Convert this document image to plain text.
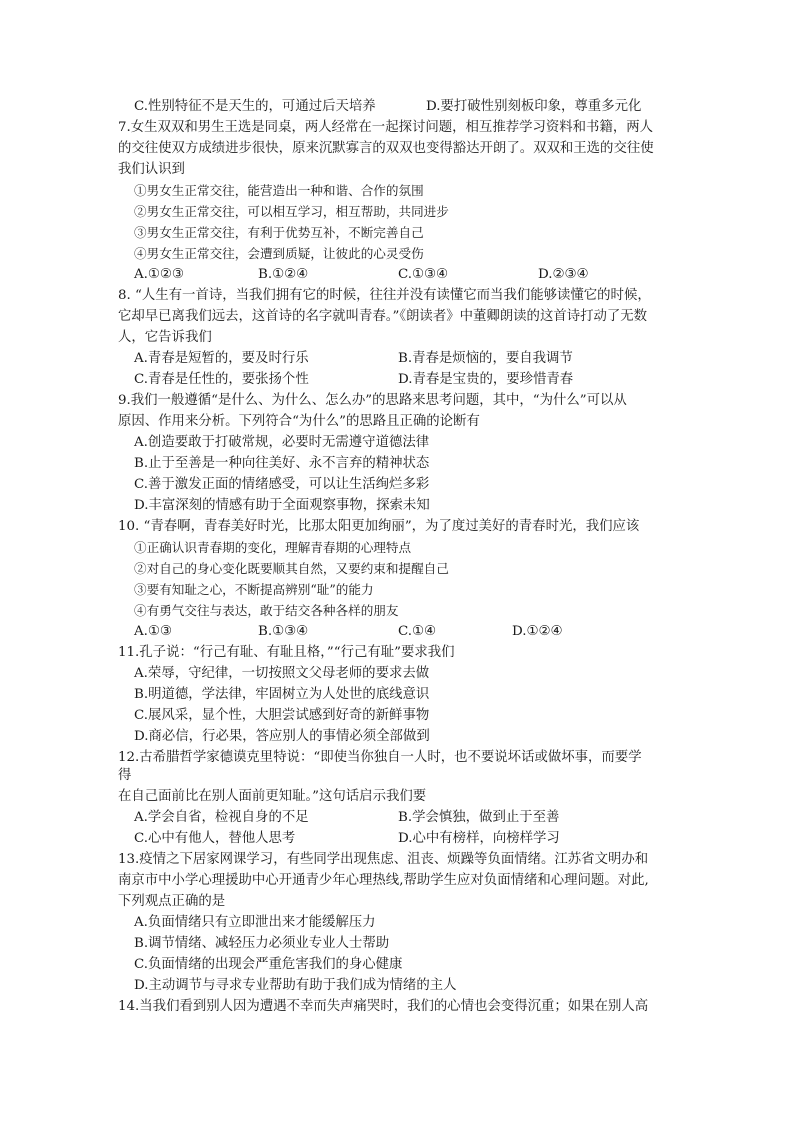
C.性别特征不是天生的，可通过后天培养	D.要打破性别刻板印象，尊重多元化
7.女生双双和男生王选是同桌，两人经常在一起探讨问题，相互推荐学习资料和书籍，两人
的交往使双方成绩进步很快，原来沉默寡言的双双也变得豁达开朗了。双双和王选的交往使
我们认识到
①男女生正常交往，能营造出一种和谐、合作的氛围
②男女生正常交往，可以相互学习，相互帮助，共同进步
③男女生正常交往，有利于优势互补，不断完善自己
④男女生正常交往，会遭到质疑，让彼此的心灵受伤
A.①②③	B.①②④	C.①③④	D.②③④
8. “人生有一首诗，当我们拥有它的时候，往往并没有读懂它而当我们能够读懂它的时候，
它却早已离我们远去，这首诗的名字就叫青春。”《朗读者》中董卿朗读的这首诗打动了无数
人，它告诉我们
A.青春是短暂的，要及时行乐	B.青春是烦恼的，要自我调节
C.青春是任性的，要张扬个性	D.青春是宝贵的，要珍惜青春
9.我们一般遵循“是什么、为什么、怎么办”的思路来思考问题，其中，“为什么”可以从
原因、作用来分析。下列符合“为什么”的思路且正确的论断有
A.创造要敢于打破常规，必要时无需遵守道德法律
B.止于至善是一种向往美好、永不言弃的精神状态
C.善于激发正面的情绪感受，可以让生活绚烂多彩
D.丰富深刻的情感有助于全面观察事物，探索未知
10. “青春啊，青春美好时光，比那太阳更加绚丽”，为了度过美好的青春时光，我们应该
①正确认识青春期的变化，理解青春期的心理特点
②对自己的身心变化既要顺其自然，又要约束和提醒自己
③要有知耻之心，不断提高辨别“耻”的能力
④有勇气交往与表达，敢于结交各种各样的朋友
A.①③	B.①③④	C.①④	D.①②④
11.孔子说：“行己有耻、有耻且格，”“行己有耻”要求我们
A.荣辱，守纪律，一切按照文父母老师的要求去做
B.明道德，学法律，牢固树立为人处世的底线意识
C.展风采，显个性，大胆尝试感到好奇的新鲜事物
D.商必信，行必果，答应别人的事情必须全部做到
12.古希腊哲学家德谟克里特说：“即使当你独自一人时，也不要说坏话或做坏事，而要学
得
在自己面前比在别人面前更知耻。”这句话启示我们要
A.学会自省，检视自身的不足	B.学会慎独，做到止于至善
C.心中有他人，替他人思考	D.心中有榜样，向榜样学习
13.疫情之下居家网课学习，有些同学出现焦虑、沮丧、烦躁等负面情绪。江苏省文明办和
南京市中小学心理援助中心开通青少年心理热线,帮助学生应对负面情绪和心理问题。对此,
下列观点正确的是
A.负面情绪只有立即泄出来才能缓解压力
B.调节情绪、减轻压力必须业专业人士帮助
C.负面情绪的出现会严重危害我们的身心健康
D.主动调节与寻求专业帮助有助于我们成为情绪的主人
14.当我们看到别人因为遭遇不幸而失声痛哭时，我们的心情也会变得沉重；如果在别人高
